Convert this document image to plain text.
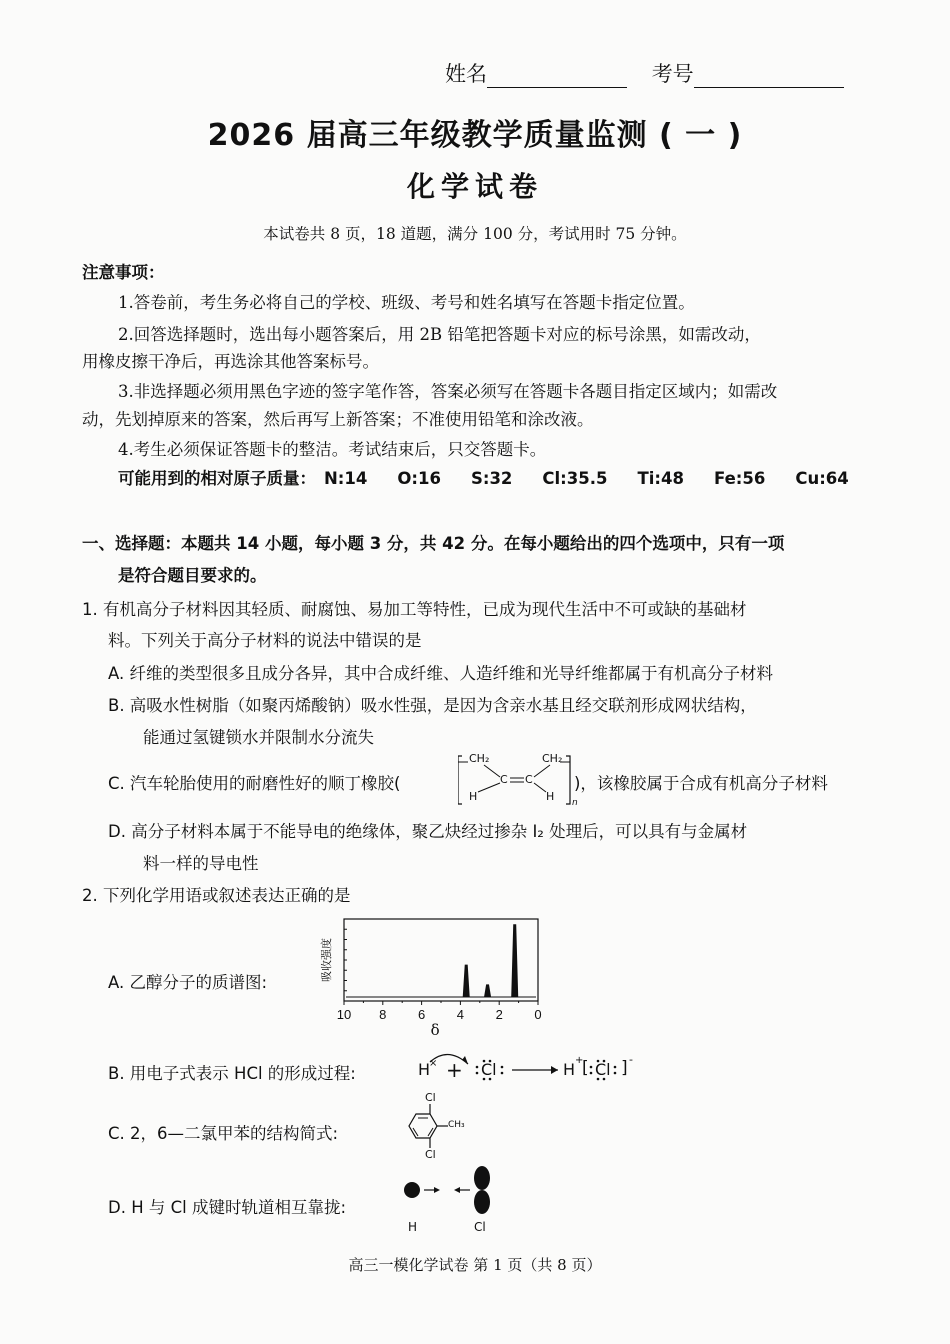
姓名	考号
2026 届高三年级教学质量监测 ( 一 )
化学试卷
本试卷共 8 页，18 道题，满分 100 分，考试用时 75 分钟。
注意事项：
1.答卷前，考生务必将自己的学校、班级、考号和姓名填写在答题卡指定位置。
2.回答选择题时，选出每小题答案后，用 2B 铅笔把答题卡对应的标号涂黑，如需改动，
用橡皮擦干净后，再选涂其他答案标号。
3.非选择题必须用黑色字迹的签字笔作答，答案必须写在答题卡各题目指定区域内；如需改
动，先划掉原来的答案，然后再写上新答案；不准使用铅笔和涂改液。
4.考生必须保证答题卡的整洁。考试结束后，只交答题卡。
可能用到的相对原子质量： N:14 O:16 S:32 Cl:35.5 Ti:48 Fe:56 Cu:64
一、选择题：本题共 14 小题，每小题 3 分，共 42 分。在每小题给出的四个选项中，只有一项
是符合题目要求的。
1. 有机高分子材料因其轻质、耐腐蚀、易加工等特性，已成为现代生活中不可或缺的基础材
料。下列关于高分子材料的说法中错误的是
A. 纤维的类型很多且成分各异，其中合成纤维、人造纤维和光导纤维都属于有机高分子材料
B. 高吸水性树脂（如聚丙烯酸钠）吸水性强，是因为含亲水基且经交联剂形成网状结构，
能通过氢键锁水并限制水分流失
C. 汽车轮胎使用的耐磨性好的顺丁橡胶(
CH₂	CH₂
C C
H	H n
)，该橡胶属于合成有机高分子材料
D. 高分子材料本属于不能导电的绝缘体，聚乙炔经过掺杂 I₂ 处理后，可以具有与金属材
料一样的导电性
2. 下列化学用语或叙述表达正确的是
A. 乙醇分子的质谱图:
10 8 6 4 2 0
δ
吸收强度
B. 用电子式表示 HCl 的形成过程:	H
× + Cl	H +
[ Cl ] -
C. 2，6—二氯甲苯的结构简式:
Cl
CH₃
Cl
D. H 与 Cl 成键时轨道相互靠拢:
H	Cl
高三一模化学试卷 第 1 页（共 8 页）
